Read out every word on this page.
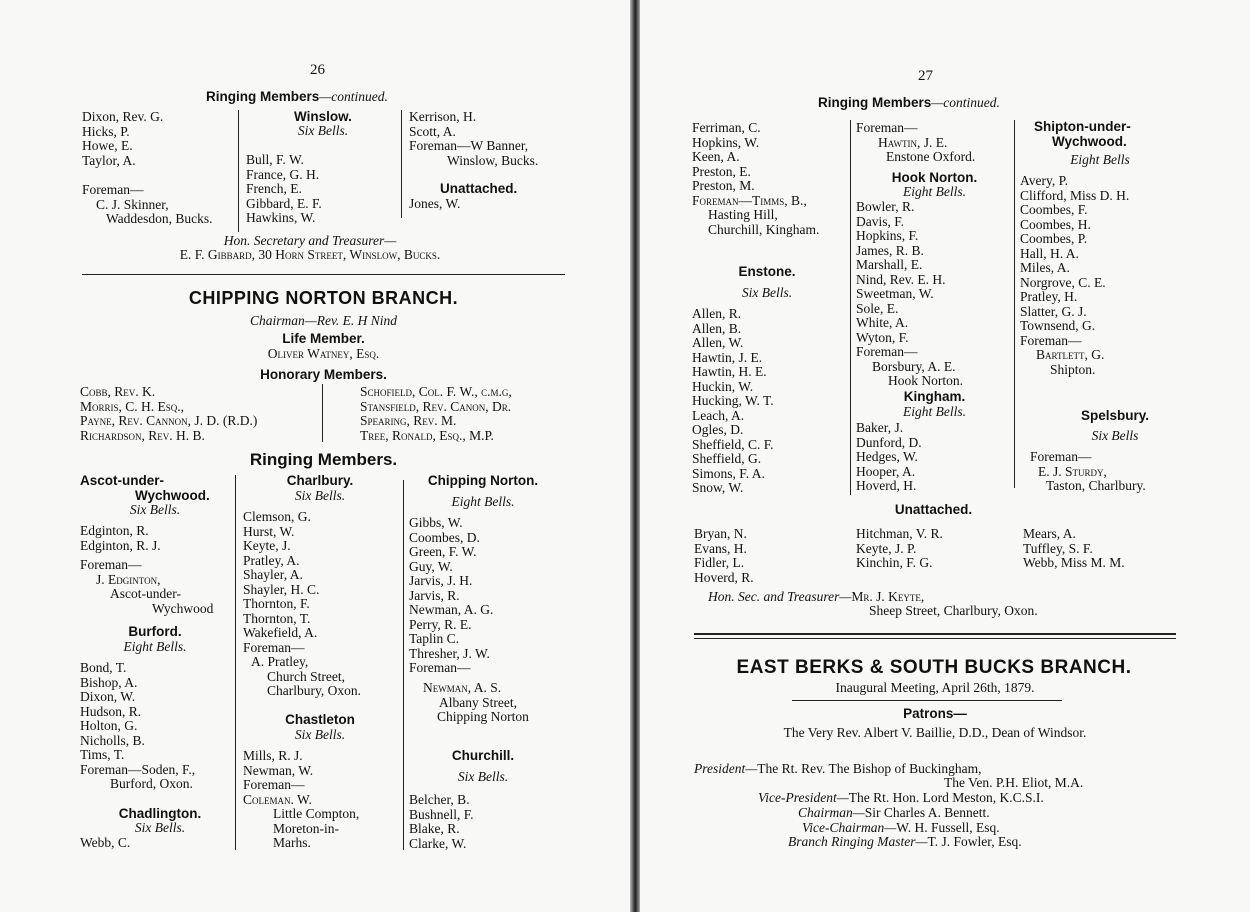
26
Ringing Members—continued.
Dixon, Rev. G.
Hicks, P.
Howe, E.
Taylor, A.
Foreman—
C. J. Skinner,
Waddesdon, Bucks.
Winslow.
Six Bells.
Bull, F. W.
France, G. H.
French, E.
Gibbard, E. F.
Hawkins, W.
Kerrison, H.
Scott, A.
Foreman—W Banner,
Winslow, Bucks.
Unattached.
Jones, W.
Hon. Secretary and Treasurer—
E. F. Gibbard, 30 Horn Street, Winslow, Bucks.
CHIPPING NORTON BRANCH.
Chairman—Rev. E. H Nind
Life Member.
Oliver Watney, Esq.
Honorary Members.
Cobb, Rev. K.
Morris, C. H. Esq.,
Payne, Rev. Cannon, J. D. (R.D.)
Richardson, Rev. H. B.
Schofield, Col. F. W., c.m.g,
Stansfield, Rev. Canon, Dr.
Spearing, Rev. M.
Tree, Ronald, Esq., M.P.
Ringing Members.
Ascot-under-
Wychwood.
Six Bells.
Edginton, R.
Edginton, R. J.
Foreman—
J. Edginton,
Ascot-under-
Wychwood
Burford.
Eight Bells.
Bond, T.
Bishop, A.
Dixon, W.
Hudson, R.
Holton, G.
Nicholls, B.
Tims, T.
Foreman—Soden, F.,
Burford, Oxon.
Chadlington.
Six Bells.
Webb, C.
Charlbury.
Six Bells.
Clemson, G.
Hurst, W.
Keyte, J.
Pratley, A.
Shayler, A.
Shayler, H. C.
Thornton, F.
Thornton, T.
Wakefield, A.
Foreman—
A. Pratley,
Church Street,
Charlbury, Oxon.
Chastleton
Six Bells.
Mills, R. J.
Newman, W.
Foreman—
Coleman. W.
Little Compton,
Moreton-in-
Marhs.
Chipping Norton.
Eight Bells.
Gibbs, W.
Coombes, D.
Green, F. W.
Guy, W.
Jarvis, J. H.
Jarvis, R.
Newman, A. G.
Perry, R. E.
Taplin C.
Thresher, J. W.
Foreman—
Newman, A. S.
Albany Street,
Chipping Norton
Churchill.
Six Bells.
Belcher, B.
Bushnell, F.
Blake, R.
Clarke, W.
27
Ringing Members—continued.
Ferriman, C.
Hopkins, W.
Keen, A.
Preston, E.
Preston, M.
Foreman—Timms, B.,
Hasting Hill,
Churchill, Kingham.
Enstone.
Six Bells.
Allen, R.
Allen, B.
Allen, W.
Hawtin, J. E.
Hawtin, H. E.
Huckin, W.
Hucking, W. T.
Leach, A.
Ogles, D.
Sheffield, C. F.
Sheffield, G.
Simons, F. A.
Snow, W.
Foreman—
Hawtin, J. E.
Enstone Oxford.
Hook Norton.
Eight Bells.
Bowler, R.
Davis, F.
Hopkins, F.
James, R. B.
Marshall, E.
Nind, Rev. E. H.
Sweetman, W.
Sole, E.
White, A.
Wyton, F.
Foreman—
Borsbury, A. E.
Hook Norton.
Kingham.
Eight Bells.
Baker, J.
Dunford, D.
Hedges, W.
Hooper, A.
Hoverd, H.
Shipton-under-
Wychwood.
Eight Bells
Avery, P.
Clifford, Miss D. H.
Coombes, F.
Coombes, H.
Coombes, P.
Hall, H. A.
Miles, A.
Norgrove, C. E.
Pratley, H.
Slatter, G. J.
Townsend, G.
Foreman—
Bartlett, G.
Shipton.
Spelsbury.
Six Bells
Foreman—
E. J. Sturdy,
Taston, Charlbury.
Unattached.
Bryan, N.
Evans, H.
Fidler, L.
Hoverd, R.
Hitchman, V. R.
Keyte, J. P.
Kinchin, F. G.
Mears, A.
Tuffley, S. F.
Webb, Miss M. M.
Hon. Sec. and Treasurer—Mr. J. Keyte,
Sheep Street, Charlbury, Oxon.
EAST BERKS & SOUTH BUCKS BRANCH.
Inaugural Meeting, April 26th, 1879.
Patrons—
The Very Rev. Albert V. Baillie, D.D., Dean of Windsor.
President—The Rt. Rev. The Bishop of Buckingham,
The Ven. P.H. Eliot, M.A.
Vice-President—The Rt. Hon. Lord Meston, K.C.S.I.
Chairman—Sir Charles A. Bennett.
Vice-Chairman—W. H. Fussell, Esq.
Branch Ringing Master—T. J. Fowler, Esq.
